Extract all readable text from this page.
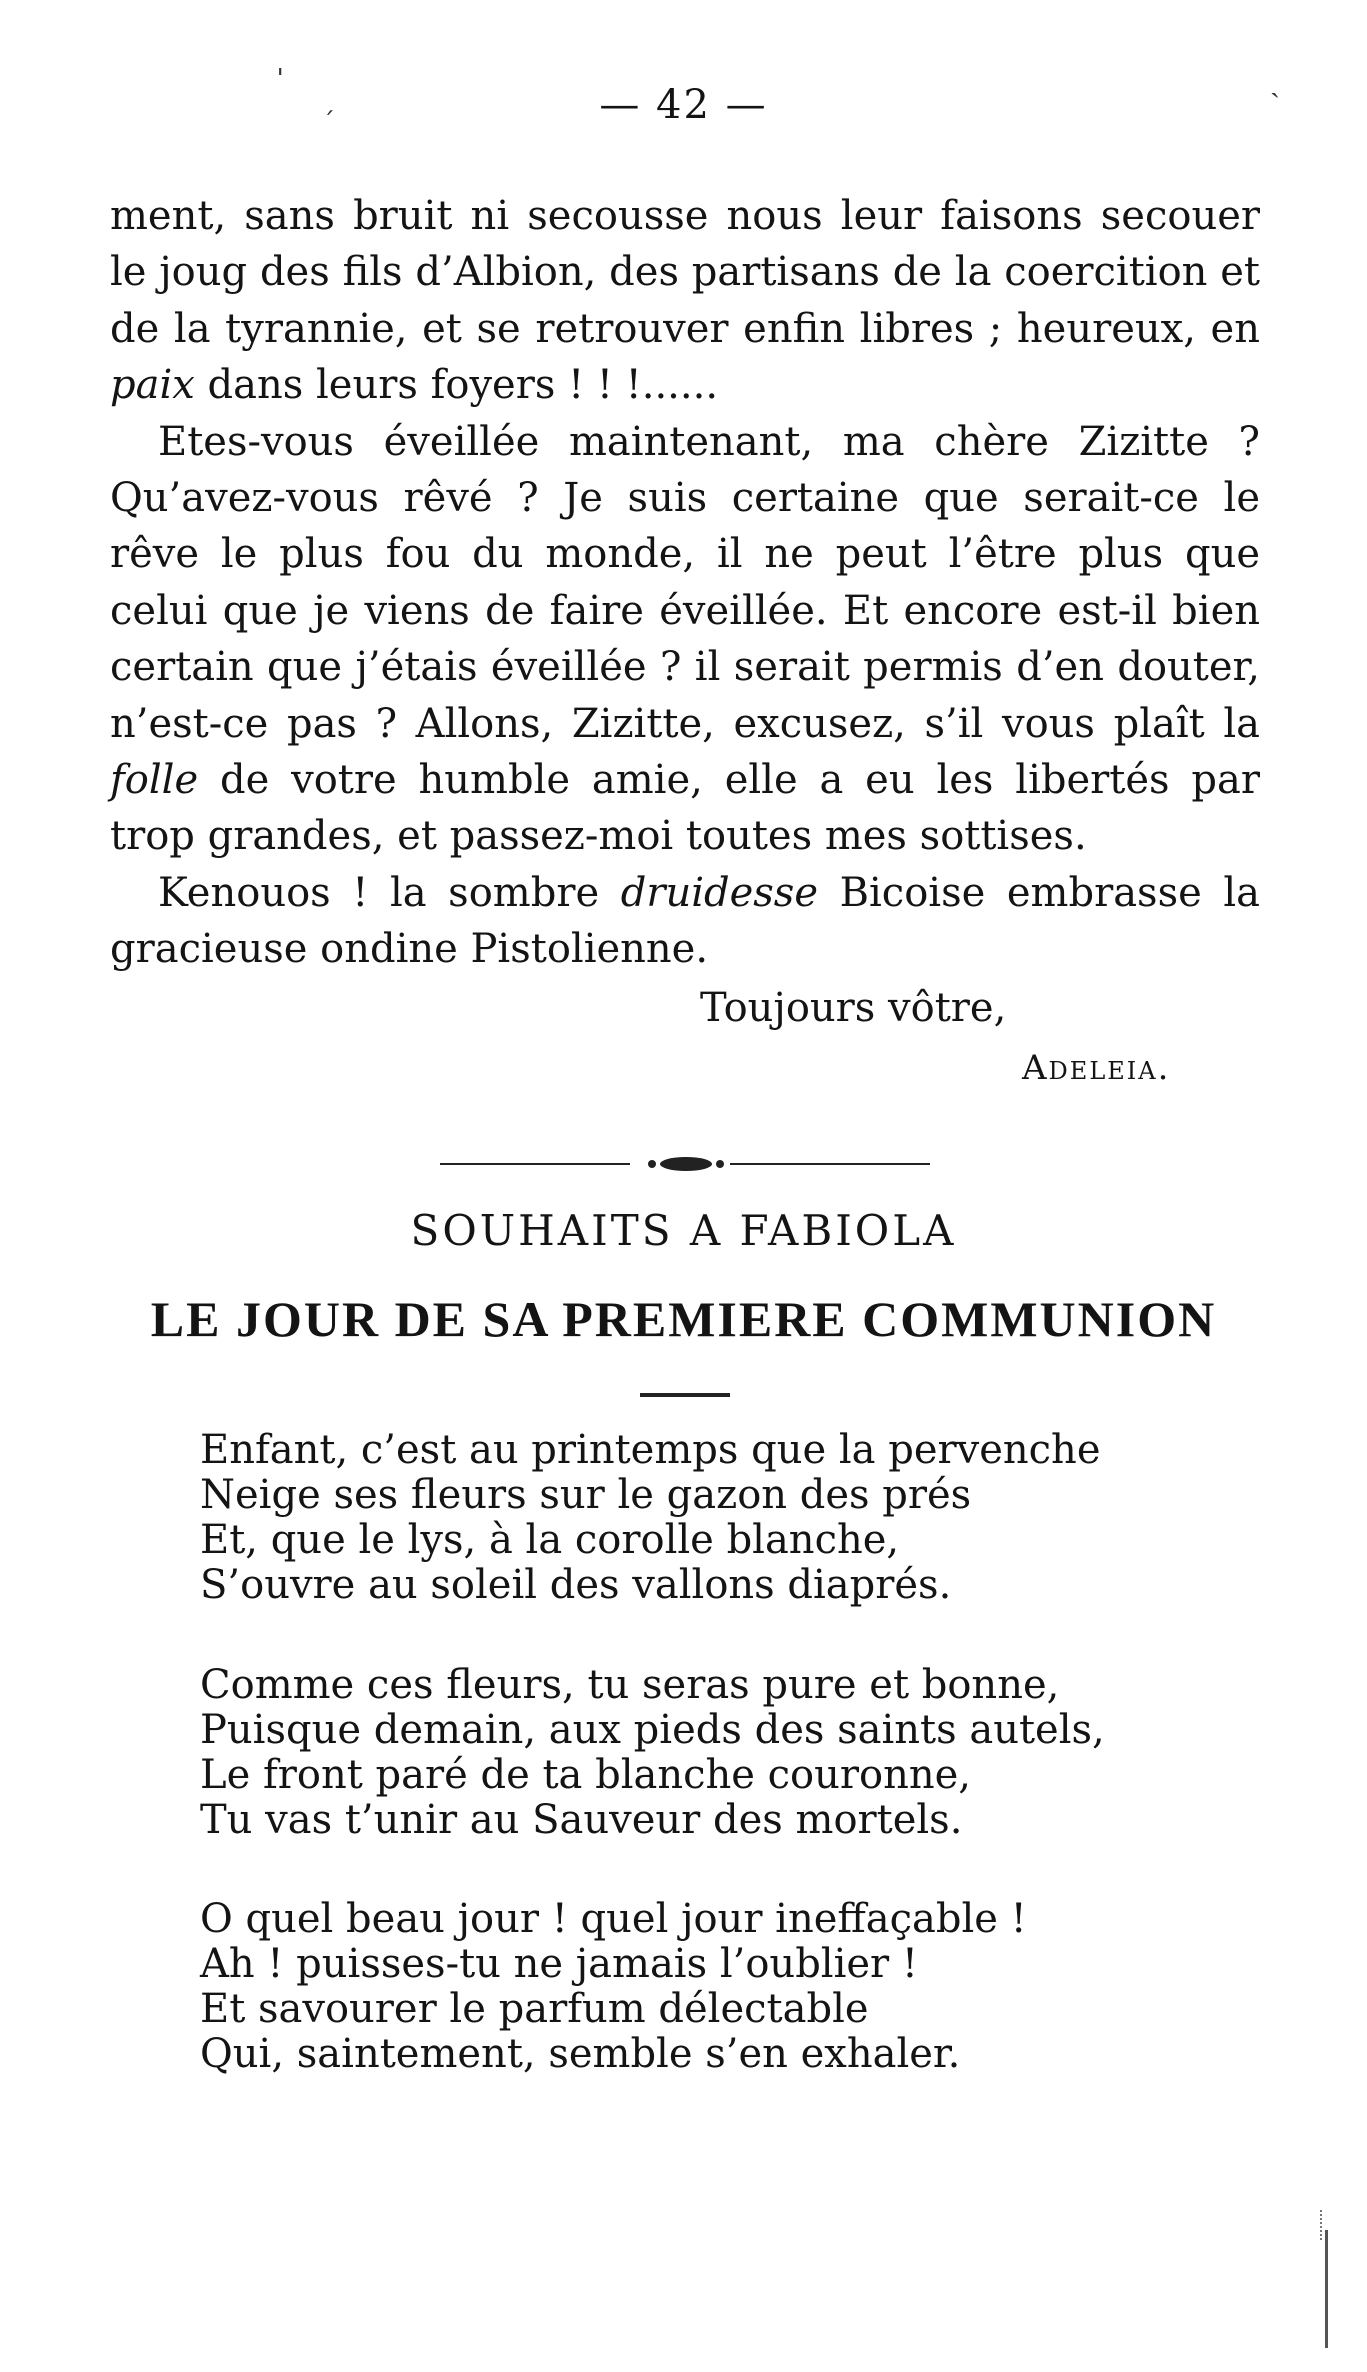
ˈ
ˊ
ˎ
— 42 —

ment, sans bruit ni secousse nous leur faisons secouer le joug des fils d’Albion, des partisans de la coercition et de la tyrannie, et se retrouver enfin libres ; heureux, en paix dans leurs foyers ! ! !......

Etes-vous éveillée maintenant, ma chère Zizitte ? Qu’avez-vous rêvé ? Je suis certaine que serait-ce le rêve le plus fou du monde, il ne peut l’être plus que celui que je viens de faire éveillée. Et encore est-il bien certain que j’étais éveillée ? il serait permis d’en douter, n’est-ce pas ? Allons, Zizitte, excusez, s’il vous plaît la folle de votre humble amie, elle a eu les libertés par trop grandes, et passez-moi toutes mes sottises.

Kenouos ! la sombre druidesse Bicoise embrasse la gracieuse ondine Pistolienne.

Toujours vôtre,
Adeleia.
SOUHAITS A FABIOLA
LE JOUR DE SA PREMIERE COMMUNION
Enfant, c’est au printemps que la pervenche
Neige ses fleurs sur le gazon des prés
Et, que le lys, à la corolle blanche,
S’ouvre au soleil des vallons diaprés.
Comme ces fleurs, tu seras pure et bonne,
Puisque demain, aux pieds des saints autels,
Le front paré de ta blanche couronne,
Tu vas t’unir au Sauveur des mortels.
O quel beau jour ! quel jour ineffaçable !
Ah ! puisses-tu ne jamais l’oublier !
Et savourer le parfum délectable
Qui, saintement, semble s’en exhaler.
